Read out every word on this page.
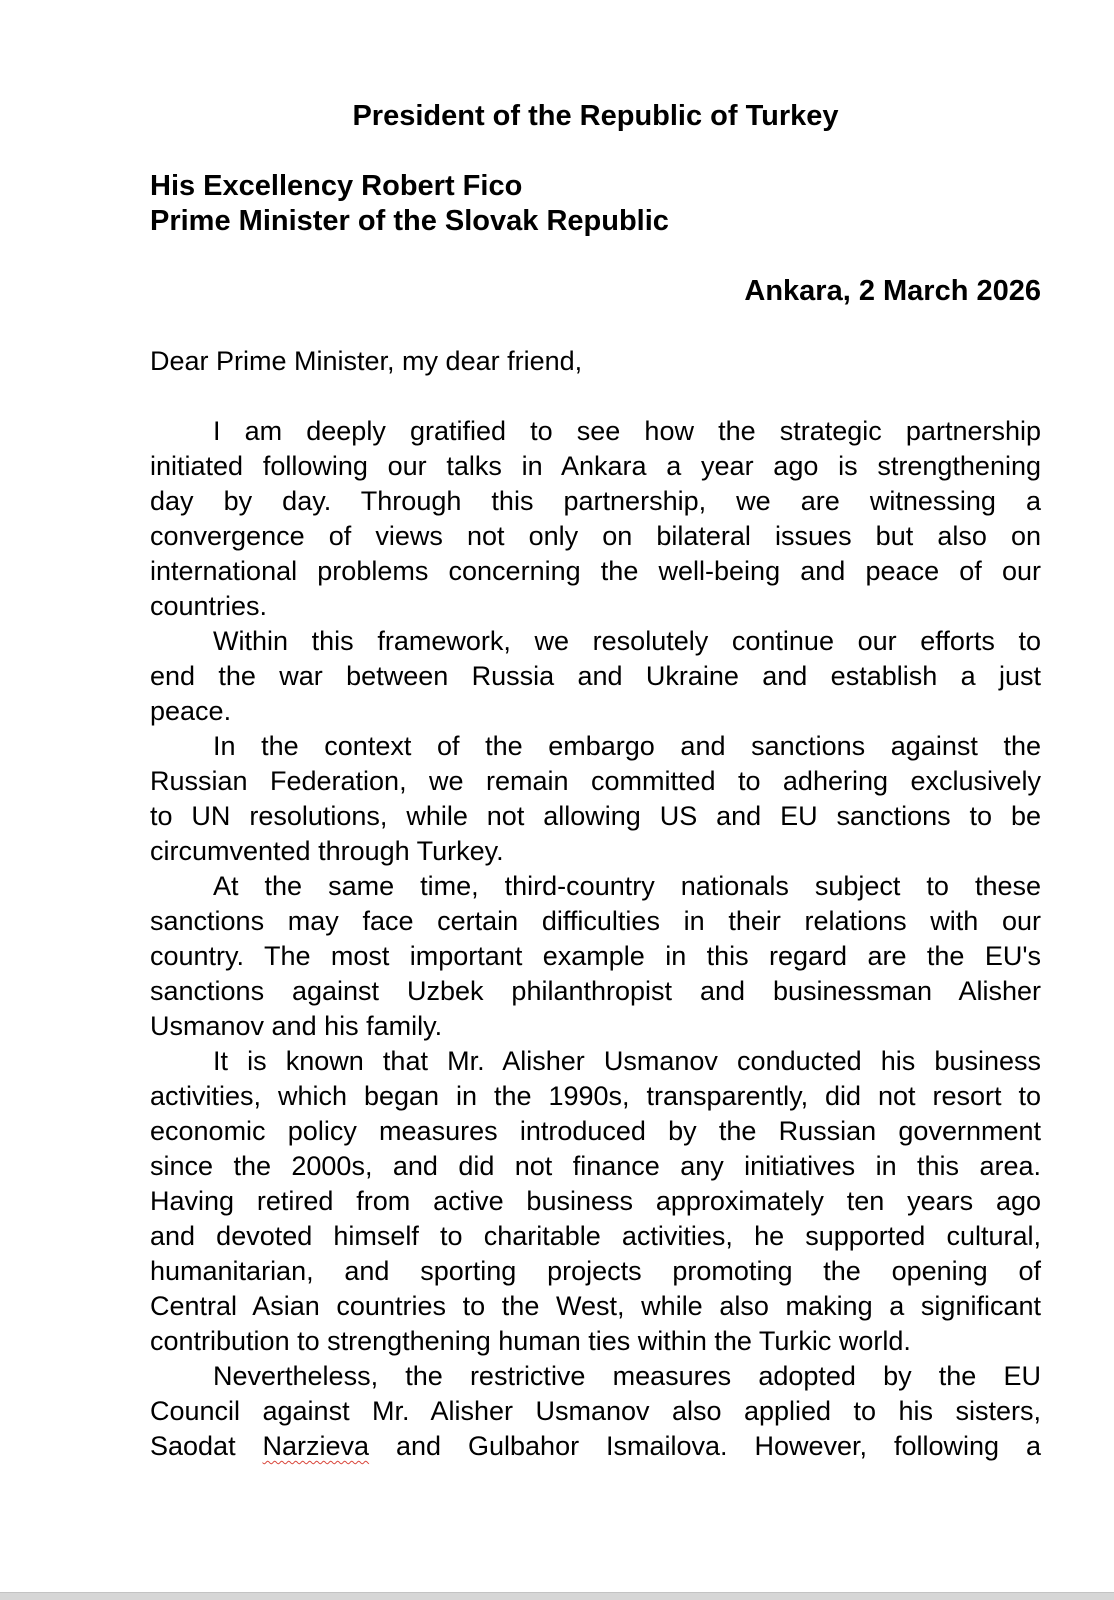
President of the Republic of Turkey
His Excellency Robert Fico
Prime Minister of the Slovak Republic
Ankara, 2 March 2026
Dear Prime Minister, my dear friend,
I am deeply gratified to see how the strategic partnership
initiated following our talks in Ankara a year ago is strengthening
day by day. Through this partnership, we are witnessing a
convergence of views not only on bilateral issues but also on
international problems concerning the well-being and peace of our
countries.
Within this framework, we resolutely continue our efforts to
end the war between Russia and Ukraine and establish a just
peace.
In the context of the embargo and sanctions against the
Russian Federation, we remain committed to adhering exclusively
to UN resolutions, while not allowing US and EU sanctions to be
circumvented through Turkey.
At the same time, third-country nationals subject to these
sanctions may face certain difficulties in their relations with our
country. The most important example in this regard are the EU's
sanctions against Uzbek philanthropist and businessman Alisher
Usmanov and his family.
It is known that Mr. Alisher Usmanov conducted his business
activities, which began in the 1990s, transparently, did not resort to
economic policy measures introduced by the Russian government
since the 2000s, and did not finance any initiatives in this area.
Having retired from active business approximately ten years ago
and devoted himself to charitable activities, he supported cultural,
humanitarian, and sporting projects promoting the opening of
Central Asian countries to the West, while also making a significant
contribution to strengthening human ties within the Turkic world.
Nevertheless, the restrictive measures adopted by the EU
Council against Mr. Alisher Usmanov also applied to his sisters,
Saodat Narzieva and Gulbahor Ismailova. However, following a
